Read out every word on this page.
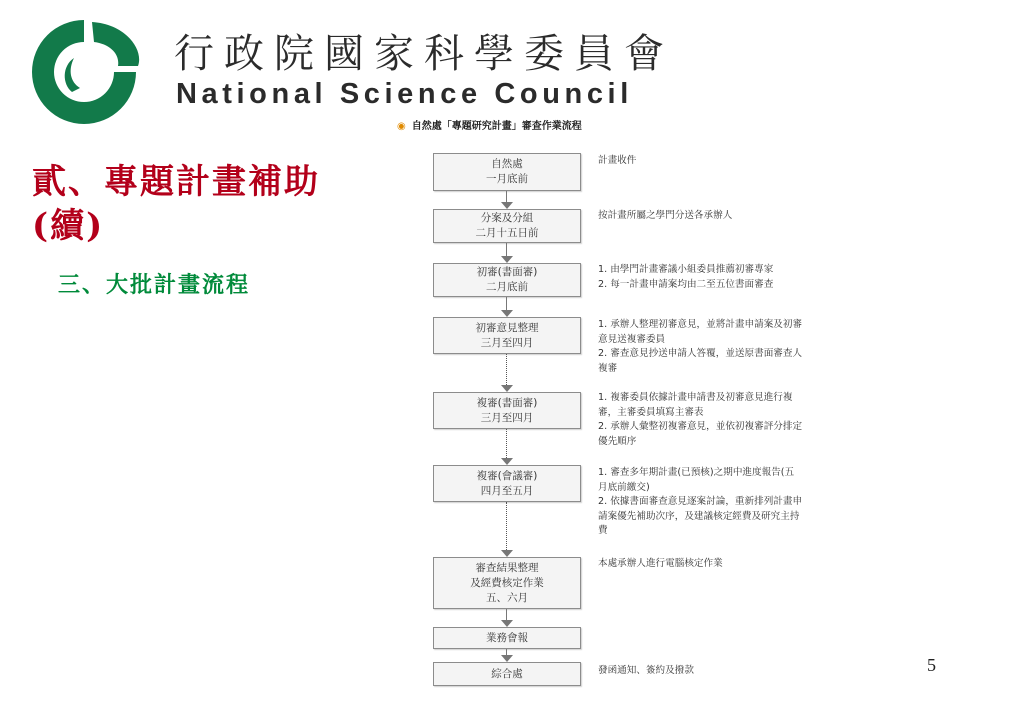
行政院國家科學委員會
National Science Council
◉ 自然處「專題研究計畫」審查作業流程
貳、專題計畫補助
(續)
三、大批計畫流程
自然處
一月底前
計畫收件
分案及分組
二月十五日前
按計畫所屬之學門分送各承辦人
初審(書面審)
二月底前
1. 由學門計畫審議小組委員推薦初審專家
2. 每一計畫申請案均由二至五位書面審查
初審意見整理
三月至四月
1. 承辦人整理初審意見，並將計畫申請案及初審
意見送複審委員
2. 審查意見抄送申請人答覆，並送原書面審查人
複審
複審(書面審)
三月至四月
1. 複審委員依據計畫申請書及初審意見進行複
審，主審委員填寫主審表
2. 承辦人彙整初複審意見，並依初複審評分排定
優先順序
複審(會議審)
四月至五月
1. 審查多年期計畫(已預核)之期中進度報告(五
月底前繳交)
2. 依據書面審查意見逐案討論，重新排列計畫申
請案優先補助次序，及建議核定經費及研究主持
費
審查結果整理
及經費核定作業
五、六月
本處承辦人進行電腦核定作業
業務會報
綜合處	發函通知、簽約及撥款	5
